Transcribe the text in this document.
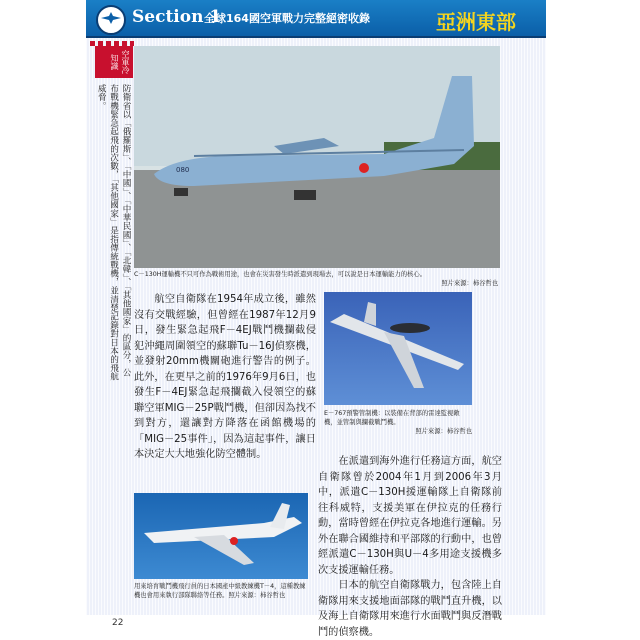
Section 1
全球164國空軍戰力完整絕密收錄	亞洲東部
空軍冷知識
防衛省以「俄羅斯」、「中國」、「中華民國」、「北韓」、「其他國家」的區分，公布戰機緊急起飛的次數，「其他國家」是指傳統戰機，並清楚記錄對日本的飛航威脅。
080
C－130H運輸機不只可作為戰術用途，也會在災害發生時派遣到現場去，可以說是日本運輸能力的核心。
照片來源：柿谷哲也
E－767預警管制機：以裝備在背部的雷達監視敵機，並管制與攔截戰鬥機。
照片來源：柿谷哲也
用來培育戰鬥機飛行員的日本國產中級教練機T－4，這種教練機也會用來執行部隊聯絡等任務。照片來源：柿谷哲也

航空自衛隊在1954年成立後，雖然沒有交戰經驗，但曾經在1987年12月9日，發生緊急起飛F－4EJ戰鬥機攔截侵犯沖繩周圍領空的蘇聯Tu－16J偵察機，並發射20mm機關砲進行警告的例子。此外，在更早之前的1976年9月6日，也發生F－4EJ緊急起飛攔截入侵領空的蘇聯空軍MIG－25P戰鬥機，但卻因為找不到對方，還讓對方降落在函館機場的「MIG－25事件」，因為這起事件，讓日本決定大大地強化防空體制。

在派遣到海外進行任務這方面，航空自衛隊曾於2004年1月到2006年3月中，派遣C－130H援運輸隊上自衛隊前往科威特，支援美軍在伊拉克的任務行動，當時曾經在伊拉克各地進行運輸。另外在聯合國維持和平部隊的行動中，也曾經派遣C－130H與U－4多用途支援機多次支援運輸任務。

日本的航空自衛隊戰力，包含陸上自衛隊用來支援地面部隊的戰鬥直升機，以及海上自衛隊用來進行水面戰鬥與反潛戰鬥的偵察機。

22
